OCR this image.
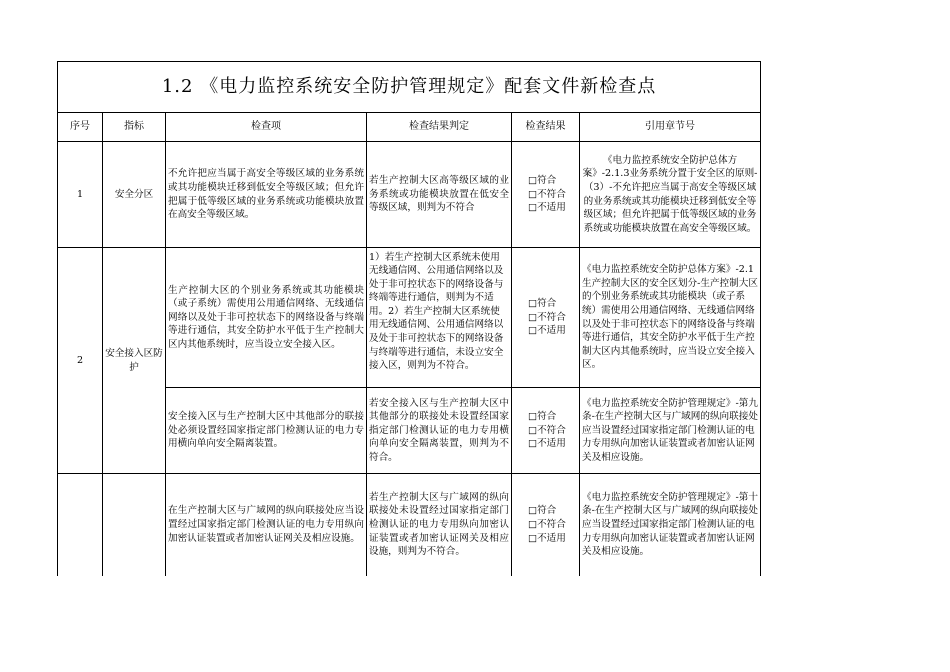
1.2 《电力监控系统安全防护管理规定》配套文件新检查点					
序号	指标	检查项	检查结果判定	检查结果	引用章节号
1	安全分区	不允许把应当属于高安全等级区域的业务系统或其功能模块迁移到低安全等级区域；但允许把属于低等级区域的业务系统或功能模块放置在高安全等级区域。	若生产控制大区高等级区域的业务系统或功能模块放置在低安全等级区域，则判为不符合	□符合
□不符合
□不适用	《电力监控系统安全防护总体方案》-2.1.3业务系统分置于安全区的原则-（3）-不允许把应当属于高安全等级区域的业务系统或其功能模块迁移到低安全等级区域；但允许把属于低等级区域的业务系统或功能模块放置在高安全等级区域。
2	安全接入区防护	生产控制大区的个别业务系统或其功能模块（或子系统）需使用公用通信网络、无线通信网络以及处于非可控状态下的网络设备与终端等进行通信，其安全防护水平低于生产控制大区内其他系统时，应当设立安全接入区。	1）若生产控制大区系统未使用无线通信网、公用通信网络以及处于非可控状态下的网络设备与终端等进行通信，则判为不适用。2）若生产控制大区系统使用无线通信网、公用通信网络以及处于非可控状态下的网络设备与终端等进行通信，未设立安全接入区，则判为不符合。	□符合
□不符合
□不适用	《电力监控系统安全防护总体方案》-2.1生产控制大区的安全区划分-生产控制大区的个别业务系统或其功能模块（或子系统）需使用公用通信网络、无线通信网络以及处于非可控状态下的网络设备与终端等进行通信，其安全防护水平低于生产控制大区内其他系统时，应当设立安全接入区。
		安全接入区与生产控制大区中其他部分的联接处必须设置经国家指定部门检测认证的电力专用横向单向安全隔离装置。	若安全接入区与生产控制大区中其他部分的联接处未设置经国家指定部门检测认证的电力专用横向单向安全隔离装置，则判为不符合。	□符合
□不符合
□不适用	《电力监控系统安全防护管理规定》-第九条-在生产控制大区与广域网的纵向联接处应当设置经过国家指定部门检测认证的电力专用纵向加密认证装置或者加密认证网关及相应设施。
		在生产控制大区与广域网的纵向联接处应当设置经过国家指定部门检测认证的电力专用纵向加密认证装置或者加密认证网关及相应设施。	若生产控制大区与广域网的纵向联接处未设置经过国家指定部门检测认证的电力专用纵向加密认证装置或者加密认证网关及相应设施，则判为不符合。	□符合
□不符合
□不适用	《电力监控系统安全防护管理规定》-第十条-在生产控制大区与广域网的纵向联接处应当设置经过国家指定部门检测认证的电力专用纵向加密认证装置或者加密认证网关及相应设施。
